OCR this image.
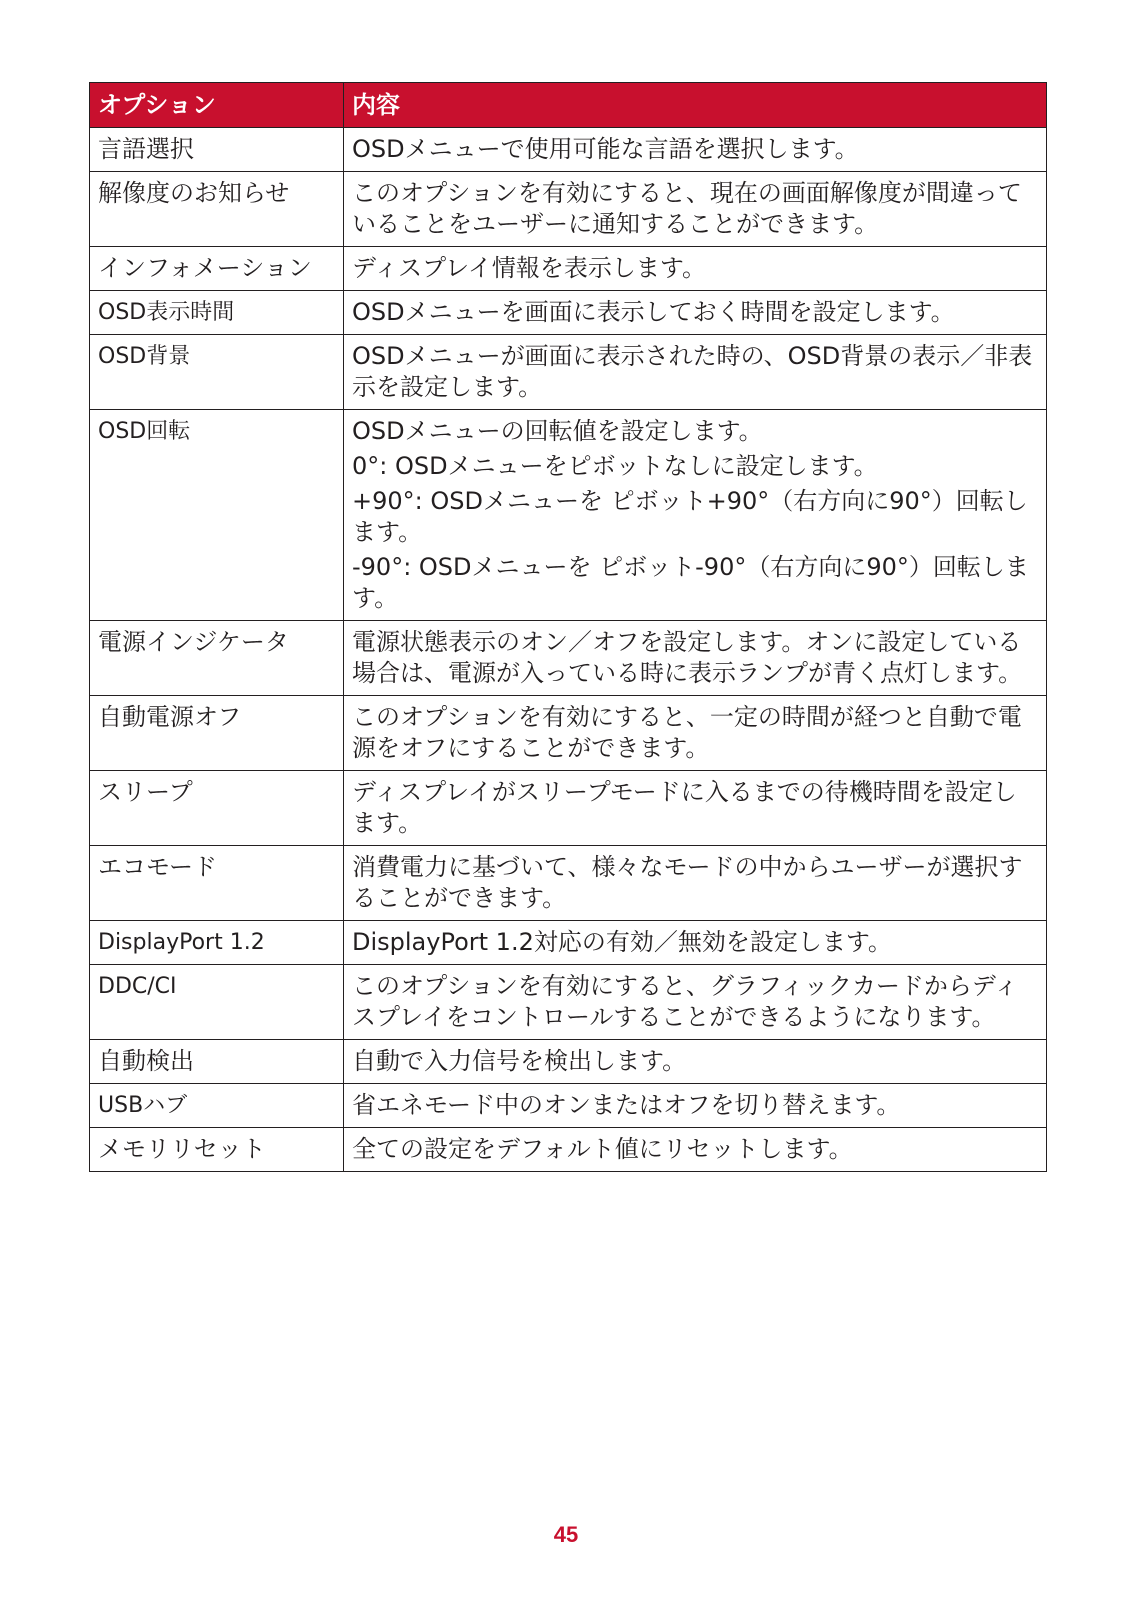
オプション	内容
言語選択	OSDメニューで使用可能な言語を選択します。

解像度のお知らせ	このオプションを有効にすると、現在の画面解像度が間違っていることをユーザーに通知することができます。

インフォメーション	ディスプレイ情報を表示します。

OSD表示時間	OSDメニューを画面に表示しておく時間を設定します。

OSD背景	OSDメニューが画面に表示された時の、OSD背景の表示／非表示を設定します。

OSD回転	OSDメニューの回転値を設定します。
0°: OSDメニューをピボットなしに設定します。
+90°: OSDメニューを ピボット+90°（右方向に90°）回転します。
-90°: OSDメニューを ピボット-90°（右方向に90°）回転します。

電源インジケータ	電源状態表示のオン／オフを設定します。オンに設定している場合は、電源が入っている時に表示ランプが青く点灯します。

自動電源オフ	このオプションを有効にすると、一定の時間が経つと自動で電源をオフにすることができます。

スリープ	ディスプレイがスリープモードに入るまでの待機時間を設定します。

エコモード	消費電力に基づいて、様々なモードの中からユーザーが選択することができます。

DisplayPort 1.2	DisplayPort 1.2対応の有効／無効を設定します。

DDC/CI	このオプションを有効にすると、グラフィックカードからディスプレイをコントロールすることができるようになります。

自動検出	自動で入力信号を検出します。

USBハブ	省エネモード中のオンまたはオフを切り替えます。

メモリリセット	全ての設定をデフォルト値にリセットします。
45
